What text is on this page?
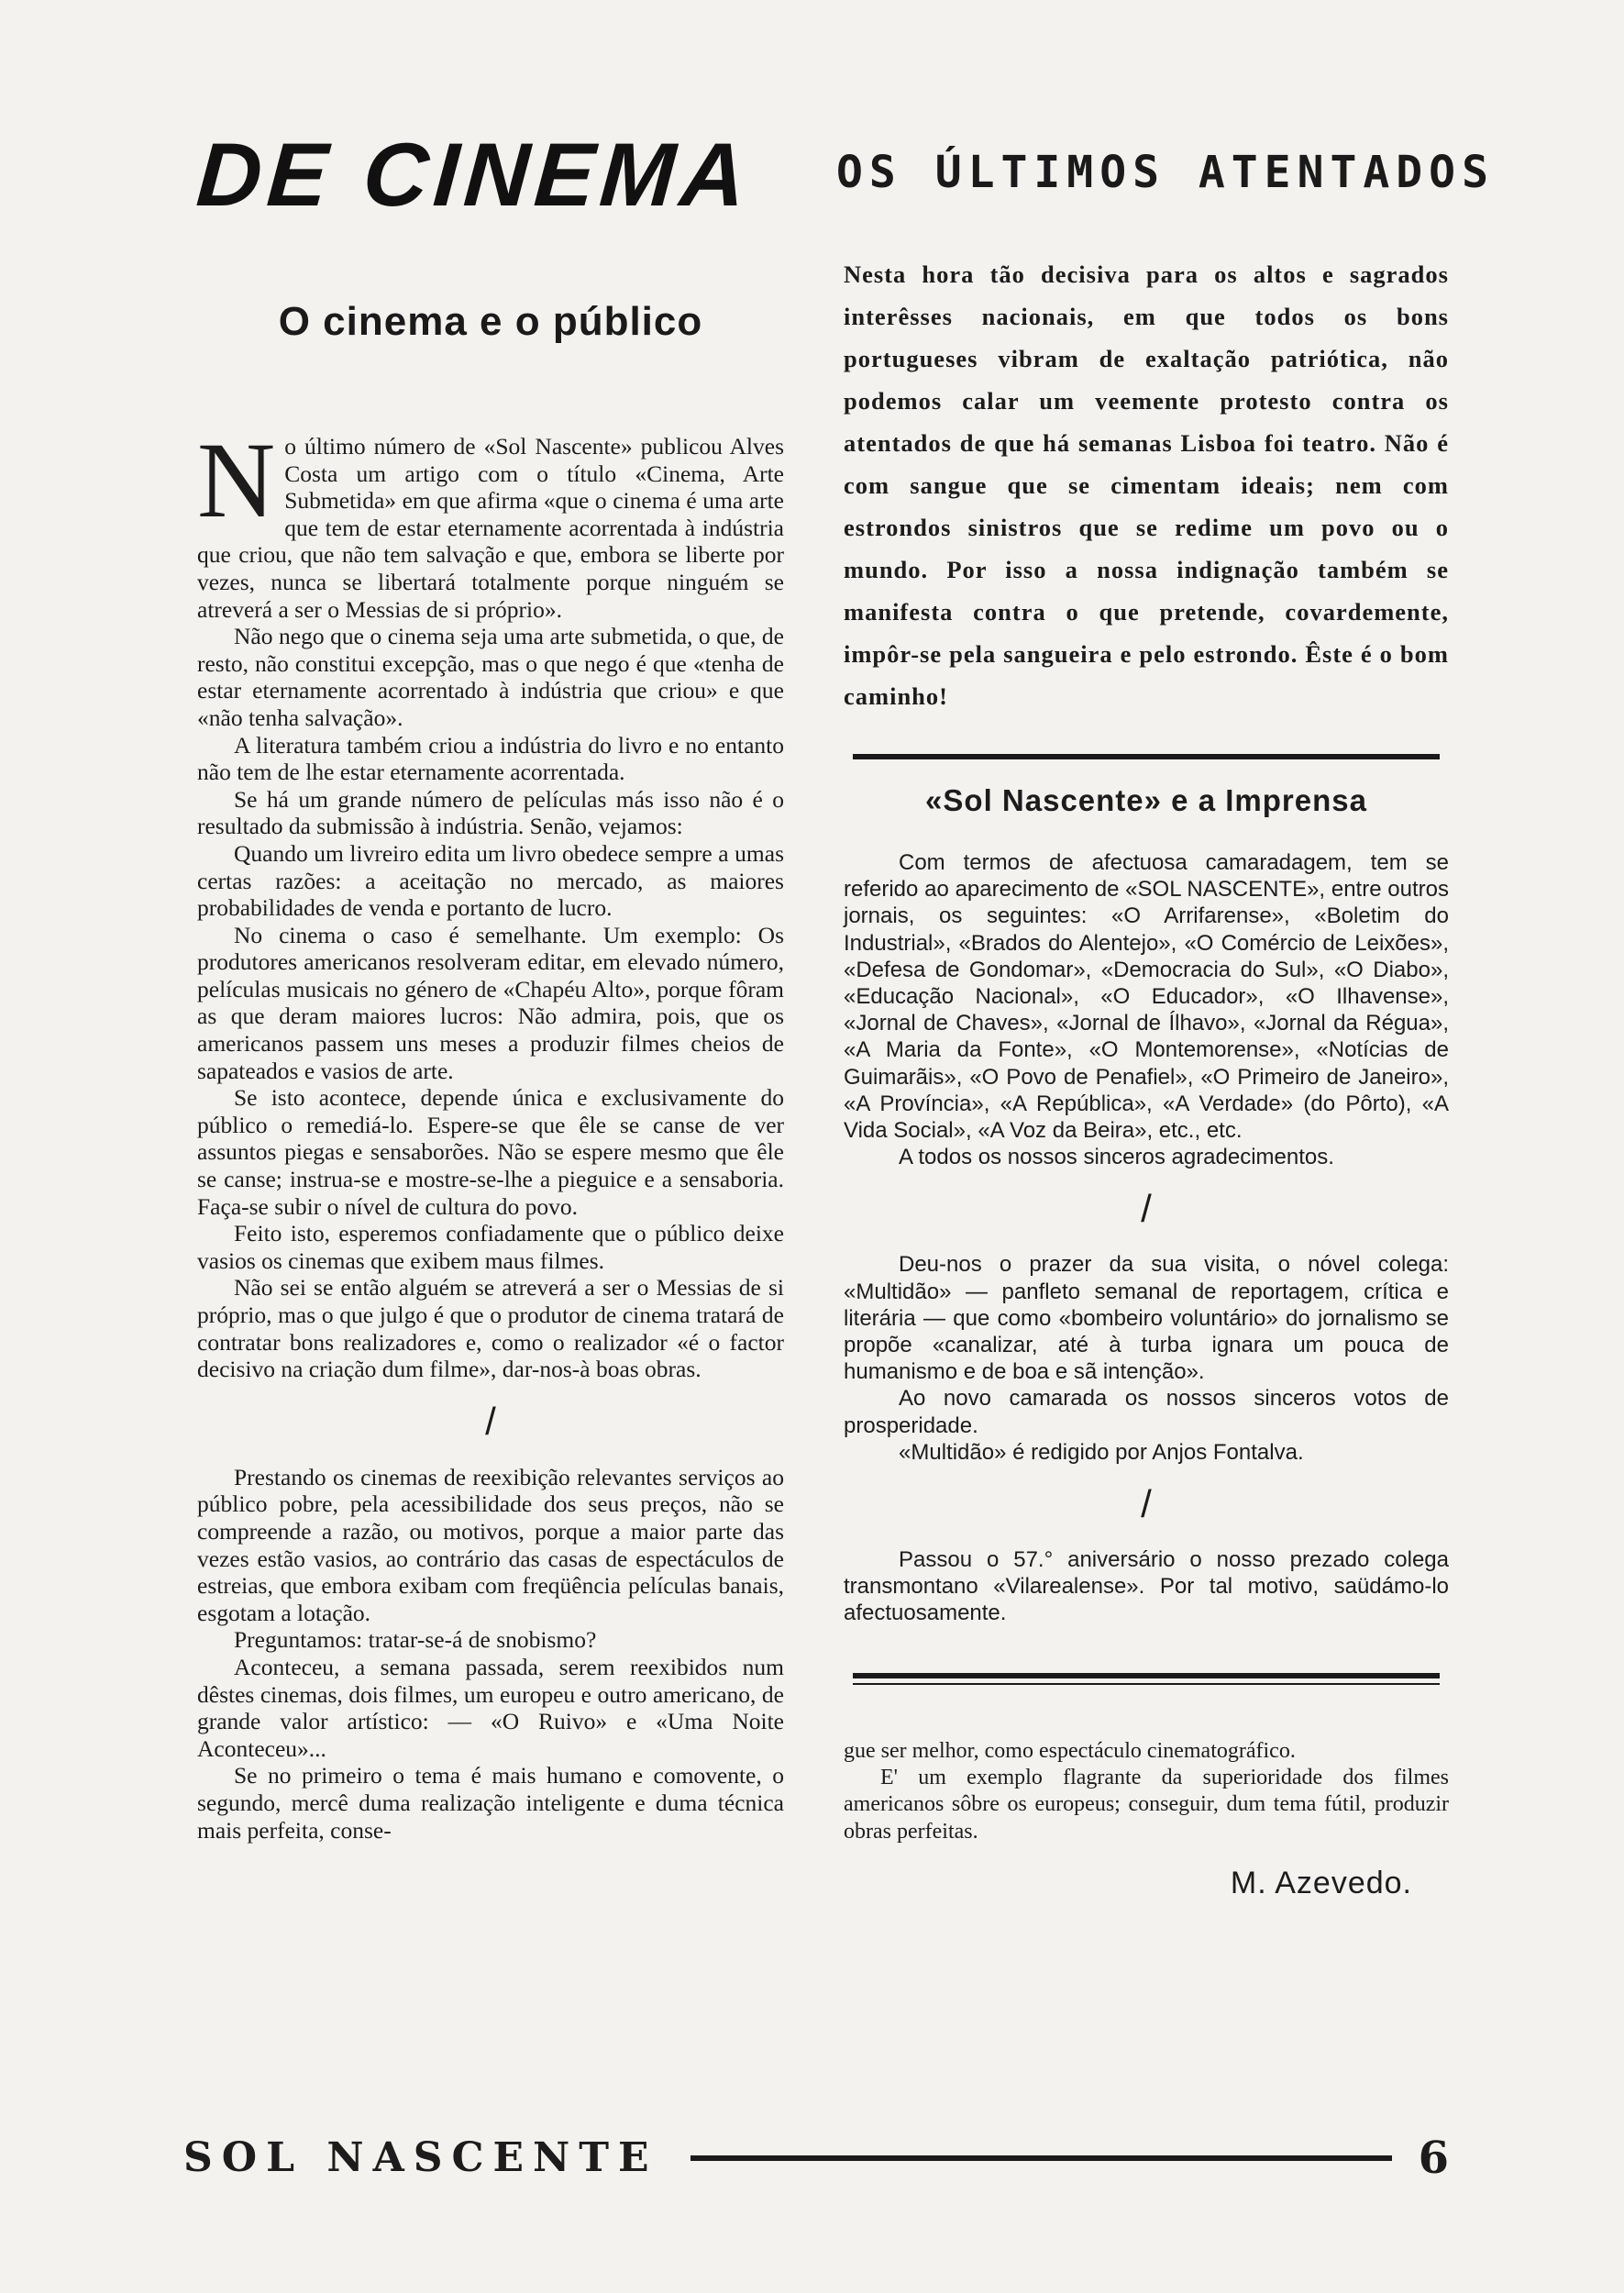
DE CINEMA
O cinema e o público

N o último número de «Sol Nascente» publicou Alves Costa um artigo com o título «Cinema, Arte Submetida» em que afirma «que o cinema é uma arte que tem de estar eternamente acorrentada à indústria que criou, que não tem salvação e que, embora se liberte por vezes, nunca se libertará totalmente porque ninguém se atreverá a ser o Messias de si próprio».

Não nego que o cinema seja uma arte submetida, o que, de resto, não constitui excepção, mas o que nego é que «tenha de estar eternamente acorrentado à indústria que criou» e que «não tenha salvação».

A literatura também criou a indústria do livro e no entanto não tem de lhe estar eternamente acorrentada.

Se há um grande número de películas más isso não é o resultado da submissão à indústria. Senão, vejamos:

Quando um livreiro edita um livro obedece sempre a umas certas razões: a aceitação no mercado, as maiores probabilidades de venda e portanto de lucro.

No cinema o caso é semelhante. Um exemplo: Os produtores americanos resolveram editar, em elevado número, películas musicais no género de «Chapéu Alto», porque fôram as que deram maiores lucros: Não admira, pois, que os americanos passem uns meses a produzir filmes cheios de sapateados e vasios de arte.

Se isto acontece, depende única e exclusivamente do público o remediá-lo. Espere-se que êle se canse de ver assuntos piegas e sensaborões. Não se espere mesmo que êle se canse; instrua-se e mostre-se-lhe a pieguice e a sensaboria. Faça-se subir o nível de cultura do povo.

Feito isto, esperemos confiadamente que o público deixe vasios os cinemas que exibem maus filmes.

Não sei se então alguém se atreverá a ser o Messias de si próprio, mas o que julgo é que o produtor de cinema tratará de contratar bons realizadores e, como o realizador «é o factor decisivo na criação dum filme», dar-nos-à boas obras.

/

Prestando os cinemas de reexibição relevantes serviços ao público pobre, pela acessibilidade dos seus preços, não se compreende a razão, ou motivos, porque a maior parte das vezes estão vasios, ao contrário das casas de espectáculos de estreias, que embora exibam com freqüência películas banais, esgotam a lotação.

Preguntamos: tratar-se-á de snobismo?

Aconteceu, a semana passada, serem reexibidos num dêstes cinemas, dois filmes, um europeu e outro americano, de grande valor artístico: — «O Ruivo» e «Uma Noite Aconteceu»...

Se no primeiro o tema é mais humano e comovente, o segundo, mercê duma realização inteligente e duma técnica mais perfeita, conse-

OS ÚLTIMOS ATENTADOS

Nesta hora tão decisiva para os altos e sagrados interêsses nacionais, em que todos os bons portugueses vibram de exaltação patriótica, não podemos calar um veemente protesto contra os atentados de que há semanas Lisboa foi teatro. Não é com sangue que se cimentam ideais; nem com estrondos sinistros que se redime um povo ou o mundo. Por isso a nossa indignação também se manifesta contra o que pretende, covardemente, impôr-se pela sangueira e pelo estrondo. Êste é o bom caminho!

«Sol Nascente» e a Imprensa

Com termos de afectuosa camaradagem, tem se referido ao aparecimento de «SOL NASCENTE», entre outros jornais, os seguintes: «O Arrifarense», «Boletim do Industrial», «Brados do Alentejo», «O Comércio de Leixões», «Defesa de Gondomar», «Democracia do Sul», «O Diabo», «Educação Nacional», «O Educador», «O Ilhavense», «Jornal de Chaves», «Jornal de Ílhavo», «Jornal da Régua», «A Maria da Fonte», «O Montemorense», «Notícias de Guimarãis», «O Povo de Penafiel», «O Primeiro de Janeiro», «A Província», «A República», «A Verdade» (do Pôrto), «A Vida Social», «A Voz da Beira», etc., etc.

A todos os nossos sinceros agradecimentos.

/

Deu-nos o prazer da sua visita, o nóvel colega: «Multidão» — panfleto semanal de reportagem, crítica e literária — que como «bombeiro voluntário» do jornalismo se propõe «canalizar, até à turba ignara um pouca de humanismo e de boa e sã intenção».

Ao novo camarada os nossos sinceros votos de prosperidade.

«Multidão» é redigido por Anjos Fontalva.

/

Passou o 57.° aniversário o nosso prezado colega transmontano «Vilarealense». Por tal motivo, saüdámo-lo afectuosamente.

gue ser melhor, como espectáculo cinematográfico.

E' um exemplo flagrante da superioridade dos filmes americanos sôbre os europeus; conseguir, dum tema fútil, produzir obras perfeitas.

M. Azevedo.
SOL NASCENTE	6
